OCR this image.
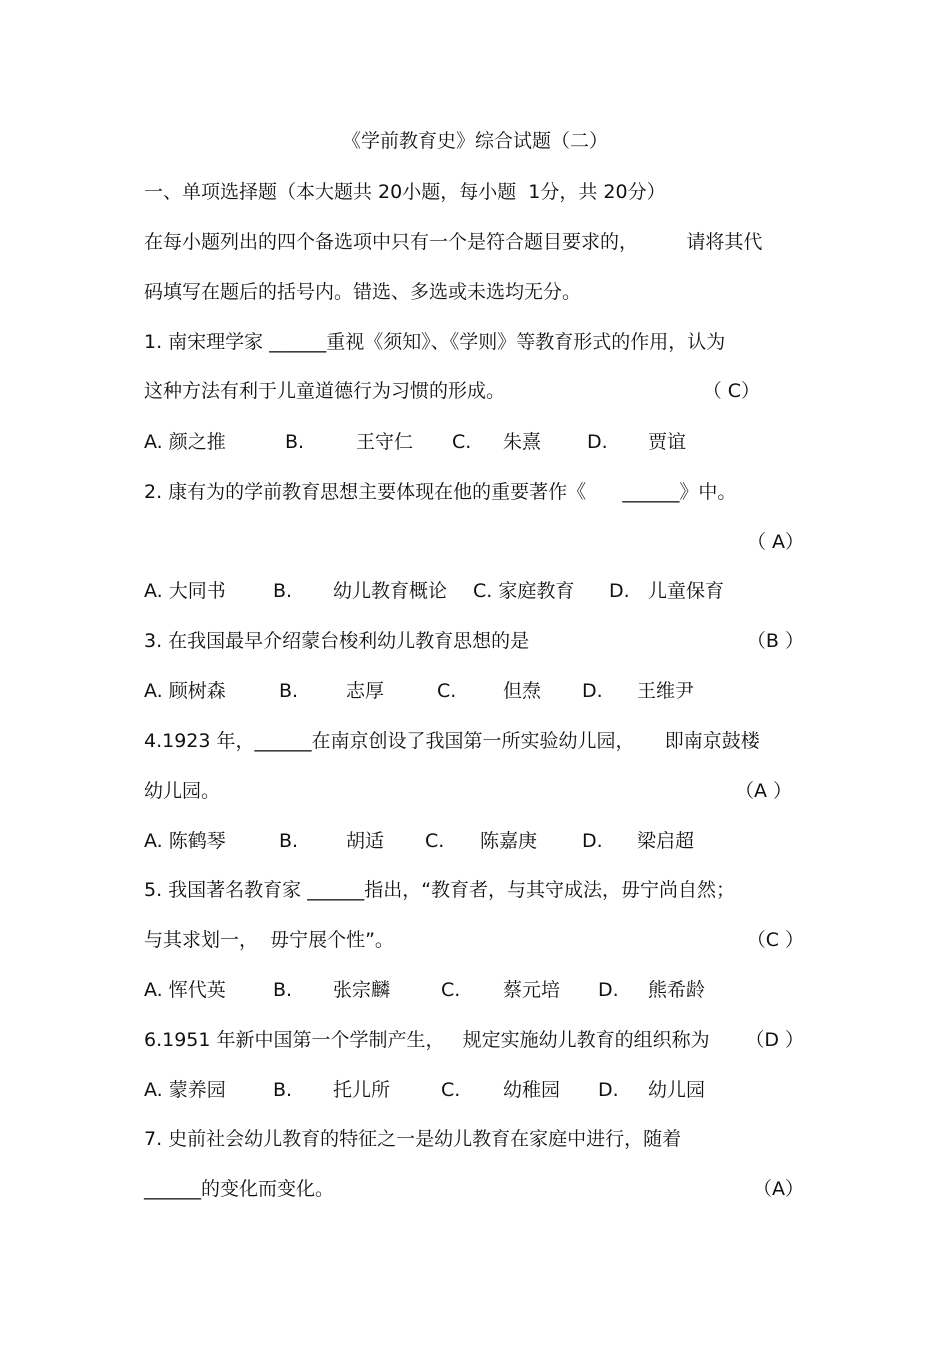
《学前教育史》综合试题（二）
一、单项选择题（本大题共 20小题，每小题  1分，共 20分）
在每小题列出的四个备选项中只有一个是符合题目要求的，        请将其代
码填写在题后的括号内。错选、多选或未选均无分。
1. 南宋理学家 ______重视《须知》、《学则》等教育形式的作用，认为
这种方法有利于儿童道德行为习惯的形成。	（ C）
A. 颜之推	B.	王守仁 C. 朱熹 D. 贾谊
2. 康有为的学前教育思想主要体现在他的重要著作《      ______》中。
（ A）
A. 大同书 B. 幼儿教育概论 C. 家庭教育 D. 儿童保育
3. 在我国最早介绍蒙台梭利幼儿教育思想的是	（B ）
A. 顾树森	B.	志厚	C. 但焘 D. 王维尹
4.1923 年，______在南京创设了我国第一所实验幼儿园，     即南京鼓楼
幼儿园。	（A ）
A. 陈鹤琴	B.	胡适 C. 陈嘉庚 D. 梁启超
5. 我国著名教育家 ______指出，“教育者，与其守成法，毋宁尚自然；
与其求划一，  毋宁展个性”。	（C ）
A. 恽代英 B. 张宗麟	C. 蔡元培 D. 熊希龄
6.1951 年新中国第一个学制产生，   规定实施幼儿教育的组织称为 （D ）
A. 蒙养园 B. 托儿所	C. 幼稚园 D. 幼儿园
7. 史前社会幼儿教育的特征之一是幼儿教育在家庭中进行，随着
______的变化而变化。	（A）
